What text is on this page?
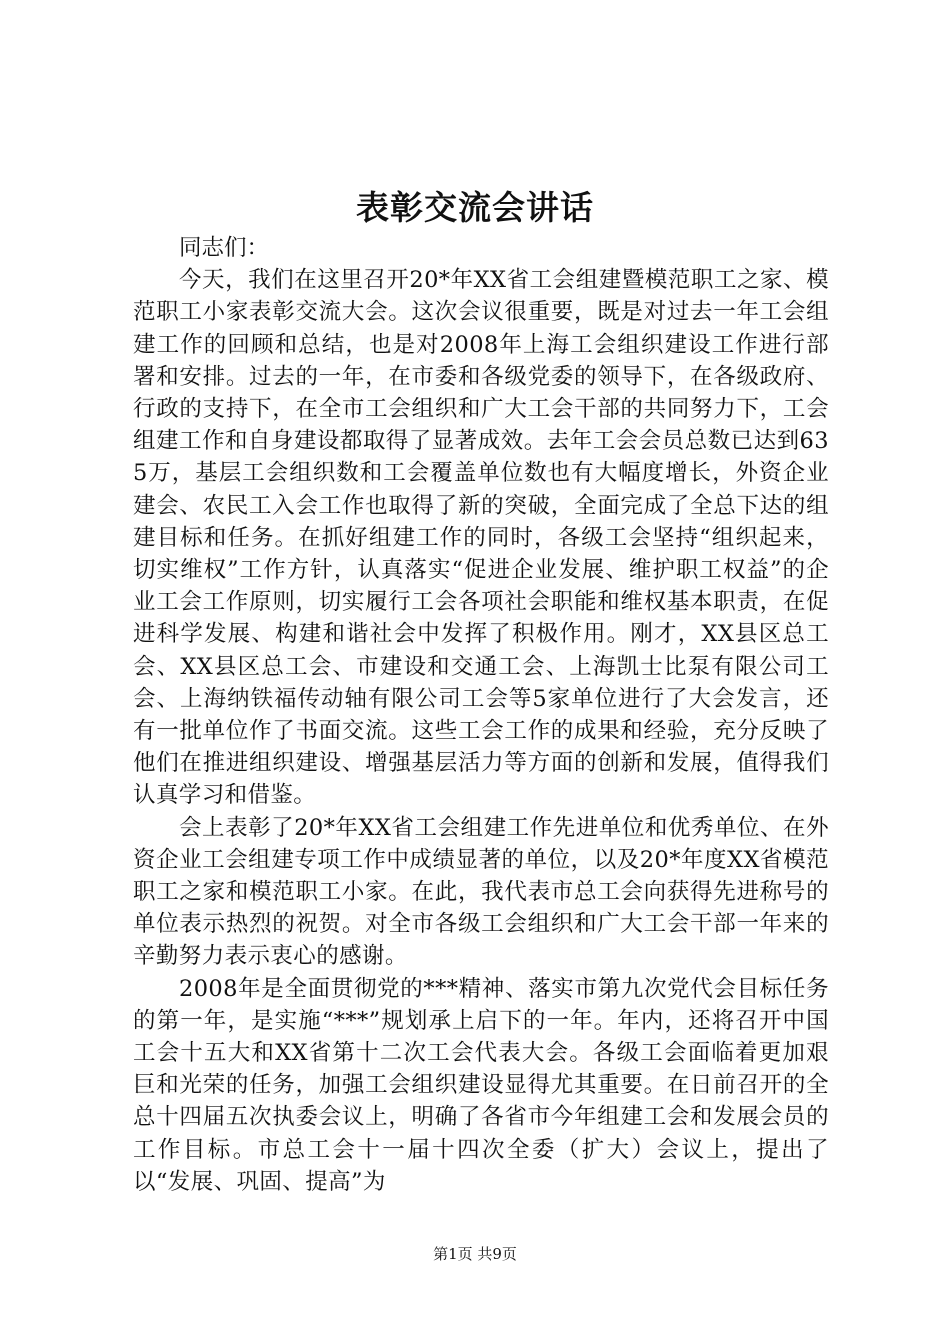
表彰交流会讲话

同志们：

今天，我们在这里召开20*年XX省工会组建暨模范职工之家、模范职工小家表彰交流大会。这次会议很重要，既是对过去一年工会组建工作的回顾和总结，也是对2008年上海工会组织建设工作进行部署和安排。过去的一年，在市委和各级党委的领导下，在各级政府、行政的支持下，在全市工会组织和广大工会干部的共同努力下，工会组建工作和自身建设都取得了显著成效。去年工会会员总数已达到635万，基层工会组织数和工会覆盖单位数也有大幅度增长，外资企业建会、农民工入会工作也取得了新的突破，全面完成了全总下达的组建目标和任务。在抓好组建工作的同时，各级工会坚持“组织起来，切实维权”工作方针，认真落实“促进企业发展、维护职工权益”的企业工会工作原则，切实履行工会各项社会职能和维权基本职责，在促进科学发展、构建和谐社会中发挥了积极作用。刚才，XX县区总工会、XX县区总工会、市建设和交通工会、上海凯士比泵有限公司工会、上海纳铁福传动轴有限公司工会等5家单位进行了大会发言，还有一批单位作了书面交流。这些工会工作的成果和经验，充分反映了他们在推进组织建设、增强基层活力等方面的创新和发展，值得我们认真学习和借鉴。

会上表彰了20*年XX省工会组建工作先进单位和优秀单位、在外资企业工会组建专项工作中成绩显著的单位，以及20*年度XX省模范职工之家和模范职工小家。在此，我代表市总工会向获得先进称号的单位表示热烈的祝贺。对全市各级工会组织和广大工会干部一年来的辛勤努力表示衷心的感谢。

2008年是全面贯彻党的***精神、落实市第九次党代会目标任务的第一年，是实施“***”规划承上启下的一年。年内，还将召开中国工会十五大和XX省第十二次工会代表大会。各级工会面临着更加艰巨和光荣的任务，加强工会组织建设显得尤其重要。在日前召开的全总十四届五次执委会议上，明确了各省市今年组建工会和发展会员的工作目标。市总工会十一届十四次全委（扩大）会议上，提出了以“发展、巩固、提高”为

第1页 共9页
